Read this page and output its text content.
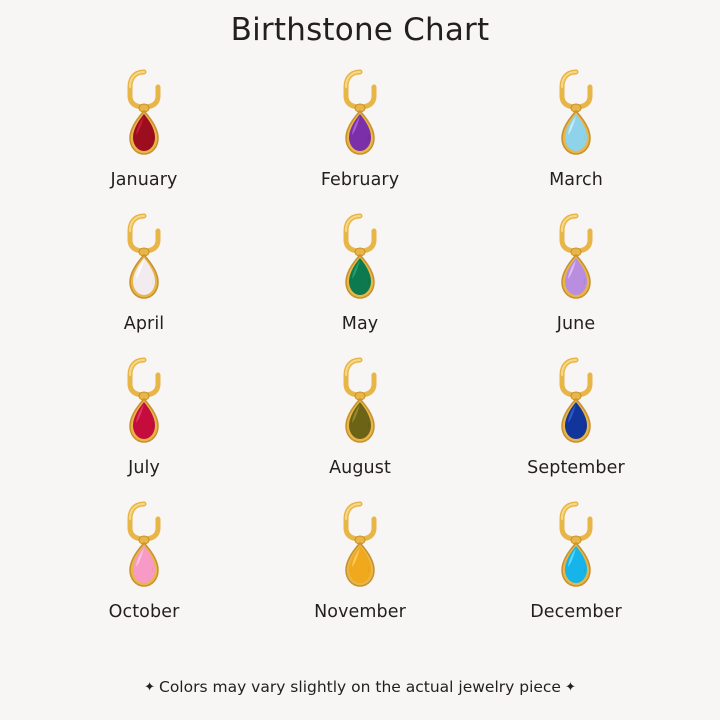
Birthstone Chart
January	February	March
April	May	June
July	August	September
October	November	December
✦ Colors may vary slightly on the actual jewelry piece ✦
